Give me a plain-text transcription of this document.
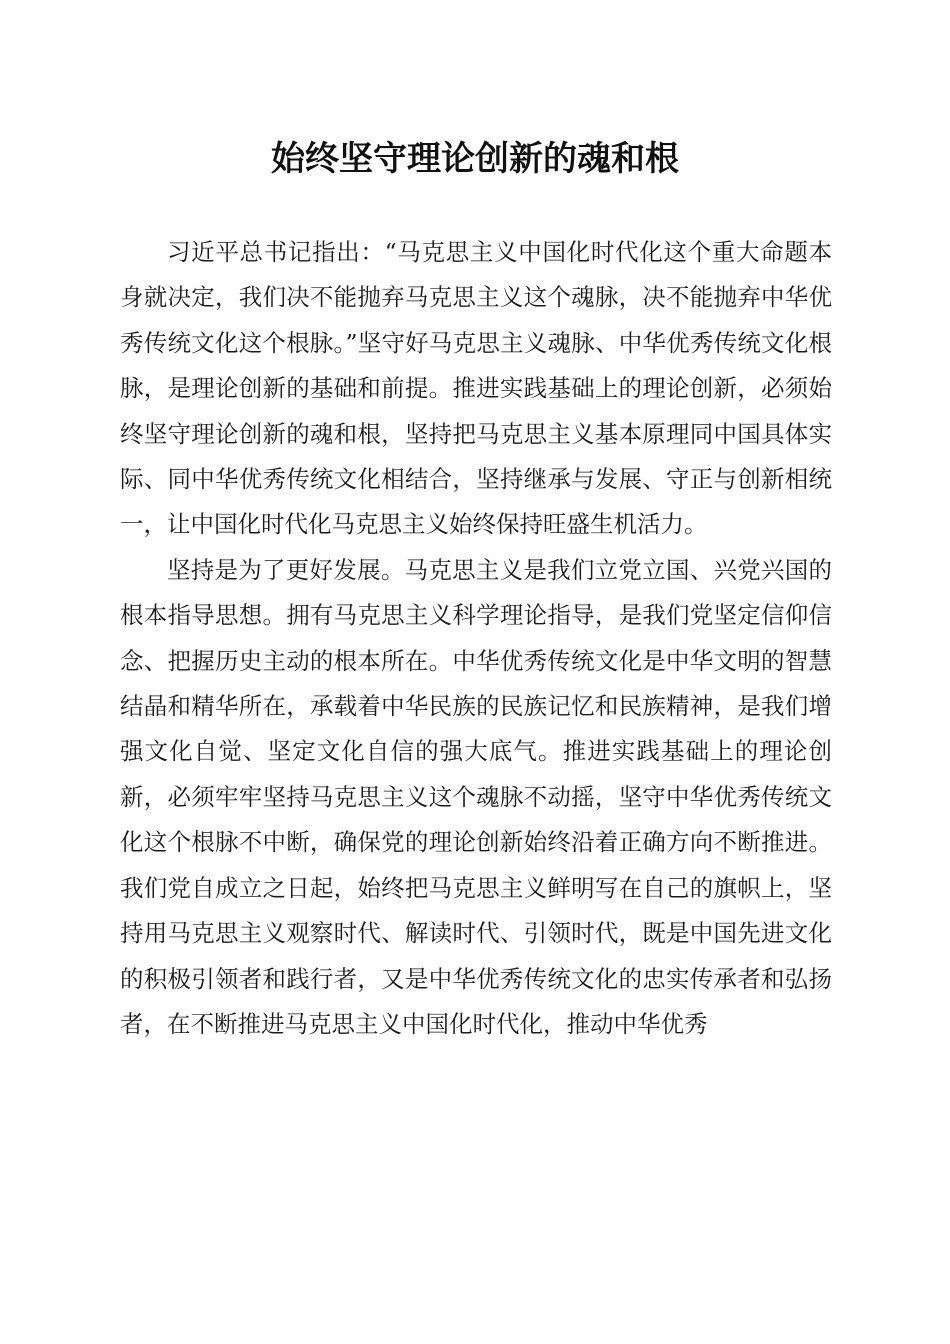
始终坚守理论创新的魂和根

习近平总书记指出：“马克思主义中国化时代化这个重大命题本身就决定，我们决不能抛弃马克思主义这个魂脉，决不能抛弃中华优秀传统文化这个根脉。”坚守好马克思主义魂脉、中华优秀传统文化根脉，是理论创新的基础和前提。推进实践基础上的理论创新，必须始终坚守理论创新的魂和根，坚持把马克思主义基本原理同中国具体实际、同中华优秀传统文化相结合，坚持继承与发展、守正与创新相统一，让中国化时代化马克思主义始终保持旺盛生机活力。

坚持是为了更好发展。马克思主义是我们立党立国、兴党兴国的根本指导思想。拥有马克思主义科学理论指导，是我们党坚定信仰信念、把握历史主动的根本所在。中华优秀传统文化是中华文明的智慧结晶和精华所在，承载着中华民族的民族记忆和民族精神，是我们增强文化自觉、坚定文化自信的强大底气。推进实践基础上的理论创新，必须牢牢坚持马克思主义这个魂脉不动摇，坚守中华优秀传统文化这个根脉不中断，确保党的理论创新始终沿着正确方向不断推进。我们党自成立之日起，始终把马克思主义鲜明写在自己的旗帜上，坚持用马克思主义观察时代、解读时代、引领时代，既是中国先进文化的积极引领者和践行者，又是中华优秀传统文化的忠实传承者和弘扬者，在不断推进马克思主义中国化时代化，推动中华优秀
